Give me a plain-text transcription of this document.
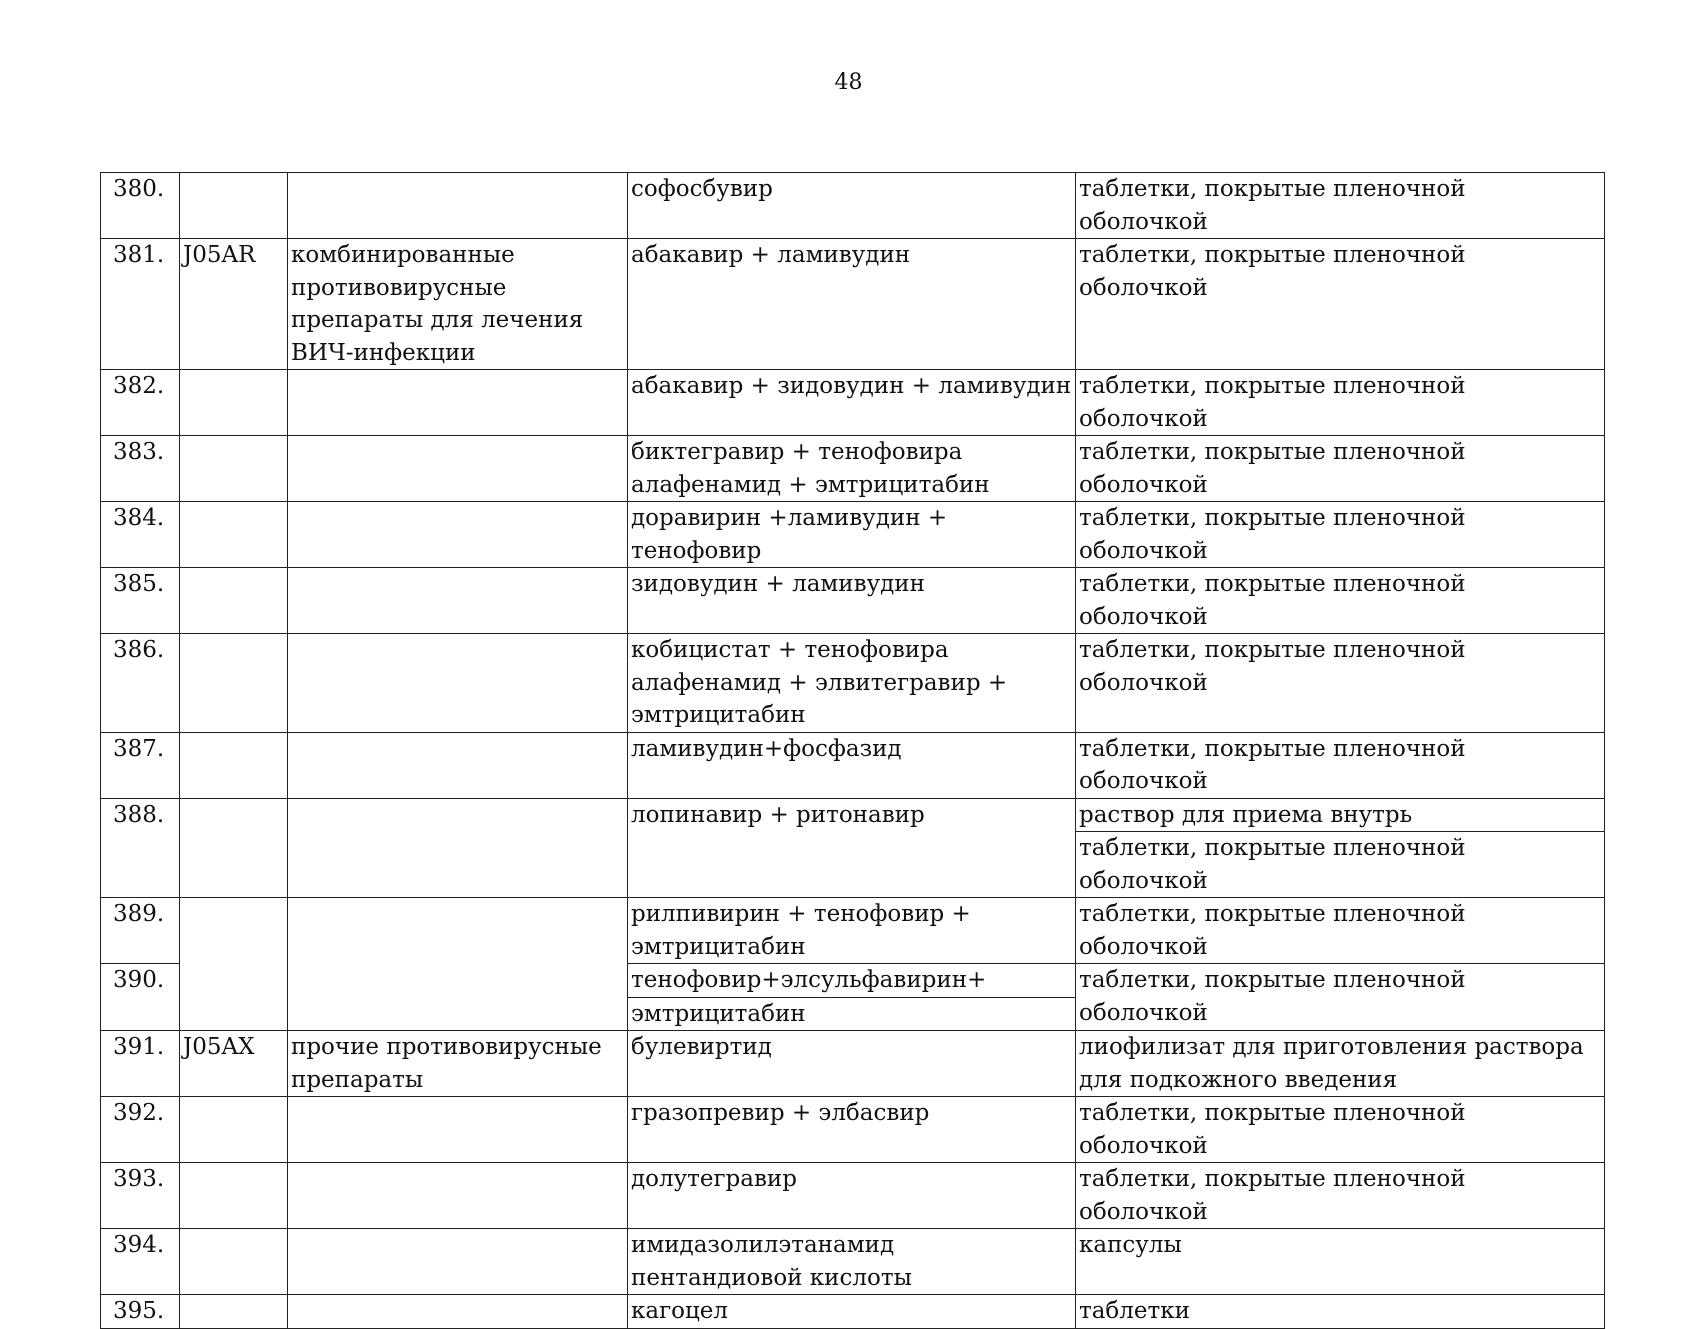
48
380.			софосбувир	таблетки, покрытые пленочной оболочкой
381.	J05AR	комбинированные противовирусные препараты для лечения ВИЧ-инфекции	абакавир + ламивудин	таблетки, покрытые пленочной оболочкой
382.			абакавир + зидовудин + ламивудин	таблетки, покрытые пленочной оболочкой
383.			биктегравир + тенофовира алафенамид + эмтрицитабин	таблетки, покрытые пленочной оболочкой
384.			доравирин +ламивудин + тенофовир	таблетки, покрытые пленочной оболочкой
385.			зидовудин + ламивудин	таблетки, покрытые пленочной оболочкой
386.			кобицистат + тенофовира алафенамид + элвитегравир + эмтрицитабин	таблетки, покрытые пленочной оболочкой
387.			ламивудин+фосфазид	таблетки, покрытые пленочной оболочкой
388.			лопинавир + ритонавир	раствор для приема внутрь
				таблетки, покрытые пленочной оболочкой
389.			рилпивирин + тенофовир + эмтрицитабин	таблетки, покрытые пленочной оболочкой
390.			тенофовир+элсульфавирин+	таблетки, покрытые пленочной оболочкой
			эмтрицитабин	
391.	J05AX	прочие противовирусные препараты	булевиртид	лиофилизат для приготовления раствора для подкожного введения
392.			гразопревир + элбасвир	таблетки, покрытые пленочной оболочкой
393.			долутегравир	таблетки, покрытые пленочной оболочкой
394.			имидазолилэтанамид пентандиовой кислоты	капсулы
395.			кагоцел	таблетки
